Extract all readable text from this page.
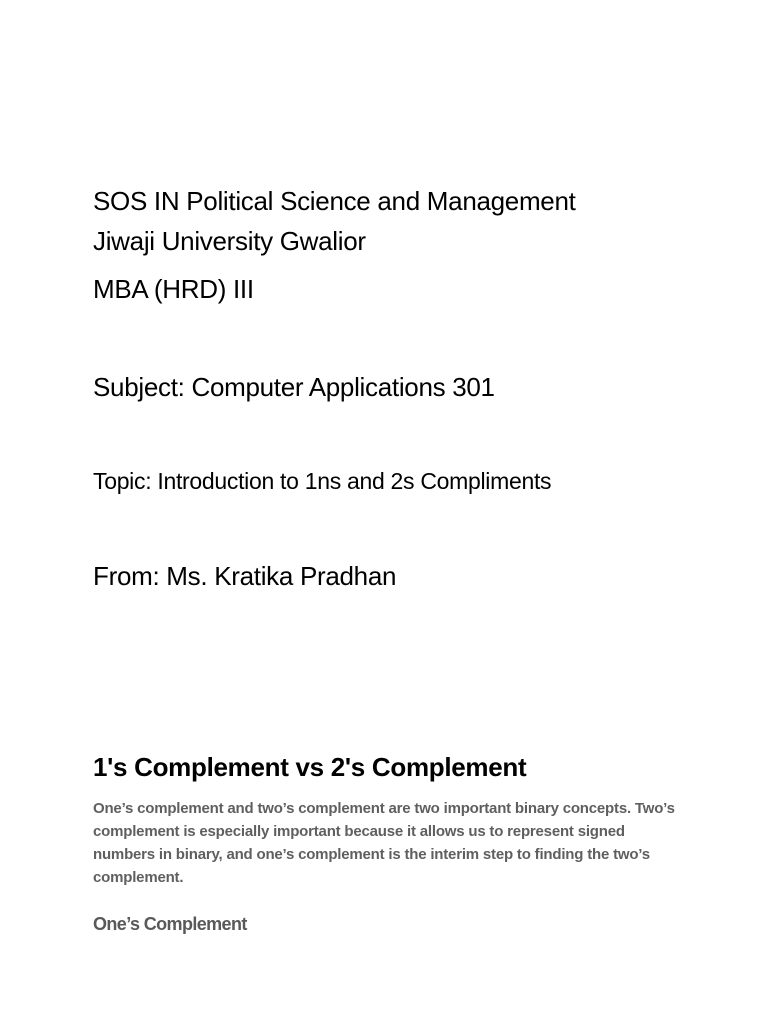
SOS IN Political Science and Management
Jiwaji University Gwalior
MBA (HRD) III
Subject: Computer Applications 301
Topic: Introduction to 1ns and 2s Compliments
From: Ms. Kratika Pradhan
1's Complement vs 2's Complement

One’s complement and two’s complement are two important binary concepts. Two’s complement is especially important because it allows us to represent signed numbers in binary, and one’s complement is the interim step to finding the two’s complement.

One’s Complement
